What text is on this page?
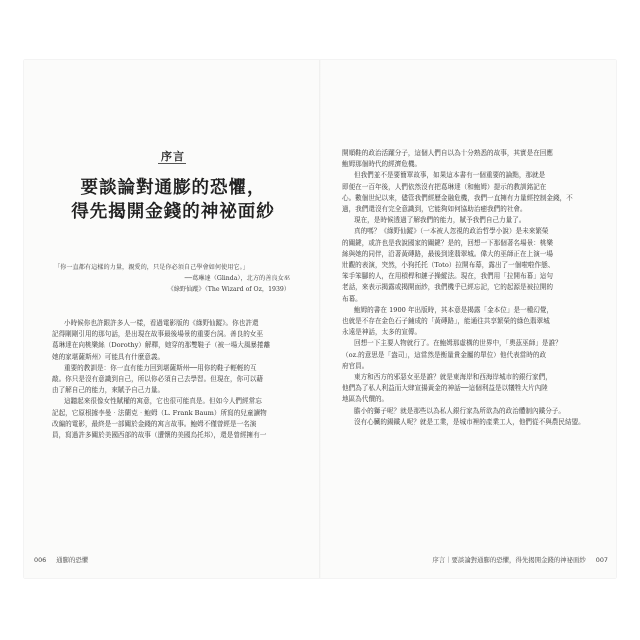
序言
要談論對通膨的恐懼，
得先揭開金錢的神祕面紗
「你一直都有這樣的力量，親愛的，只是你必須自己學會如何使用它。」
──葛琳達（Glinda），北方的善良女巫
《綠野仙蹤》（The Wizard of Oz，1939）

小時候你也許跟許多人一樣，看過電影版的《綠野仙蹤》。你也許還

記得剛剛引用的那句話，是出現在故事最後場景的重要台詞。善良的女巫

葛琳達在向桃樂絲（Dorothy）解釋，她穿的那雙鞋子（被一場大風暴捲離

她的家堪薩斯州）可能具有什麼意義。

重要的教訓是：你一直有能力回到堪薩斯州──用你的鞋子輕輕的互

敲。你只是沒有意識到自己，所以你必須自己去學習。但現在，你可以藉

由了解自己的能力，來賦予自己力量。

這聽起來很像女性賦權的寓意，它也很可能真是。但如今人們經常忘

記起，它原根據李曼‧法蘭克‧鮑姆（L. Frank Baum）所寫的兒童讀物

改編的電影，最終是一部關於金錢的寓言故事。鮑姆不僅曾經是一名演

員，寫過許多關於美國西部的故事（遭懷的美國烏托邦），還是曾經擁有一

006 通膨的恐懼

開順鞋的政治活躍分子，這個人們自以為十分熟悉的故事，其實是在回應

鮑姆那個時代的經濟危機。

但我們並不是要簡單故事，如果這本書有一個重要的論點，那就是

即便在一百年後，人們依然沒有把葛琳達（和鮑姆）提示的教訓銘記在

心。數個世紀以來，儘管我們經歷金融危機，我們一直擁有力量經控制金錢，不

過，我們還沒有完全意識到，它能夠如何協助治癒我們的社會。

現在，是時候透過了解我們的能力，賦予我們自己力量了。

真的嗎？《綠野仙蹤》（一本被人忽視的政治哲學小說）是未來繁榮

的關鍵，或許也是我說國家的關鍵？是的，回想一下那個著名場景：桃樂

絲與她的同伴，沿著黃磚路，最後到達翡翠城。偉大的巫師正在上演一場

壯觀的表演，突然，小狗托托（Toto）拉開布幕，露出了一個啦啦作態、

笨手笨腳的人，在用槓桿和鏈子操縱法。現在，我們用「拉開布幕」這句

老話，來表示揭露或揭開面紗，我們機乎已經忘記，它的起源是被拉開的

布幕。

鮑姆的書在 1900 年出版時，其本意是揭露「金本位」是一種幻覺，

也就是不存在金色石子鋪成的「黃磚路」，能通往共享繁榮的綠色翡翠城

永遠是神話，太多的宣傳。

回想一下主要人物就行了。在鮑姆那虛構的世界中，「奧茲巫師」是誰？

（oz.的意思是「盎司」，這當然是衡量貴金屬的單位）他代表當時的政

府官員。

東方和西方的邪惡女巫是誰？就是東海岸和西海岸城市的銀行家們，

他們為了私人利益而大肆宣揚黃金的神話──這個利益是以犧牲大片內陸

地區為代價的。

膽小的獅子呢？就是那些以為私人銀行家為所欲為的政治體制內鐵分子。

沒有心臟的錫鐵人呢？就是工業，是城市裡的產業工人，他們從不與農民結盟。

序言｜要談論對通膨的恐懼，得先揭開金錢的神祕面紗 007
